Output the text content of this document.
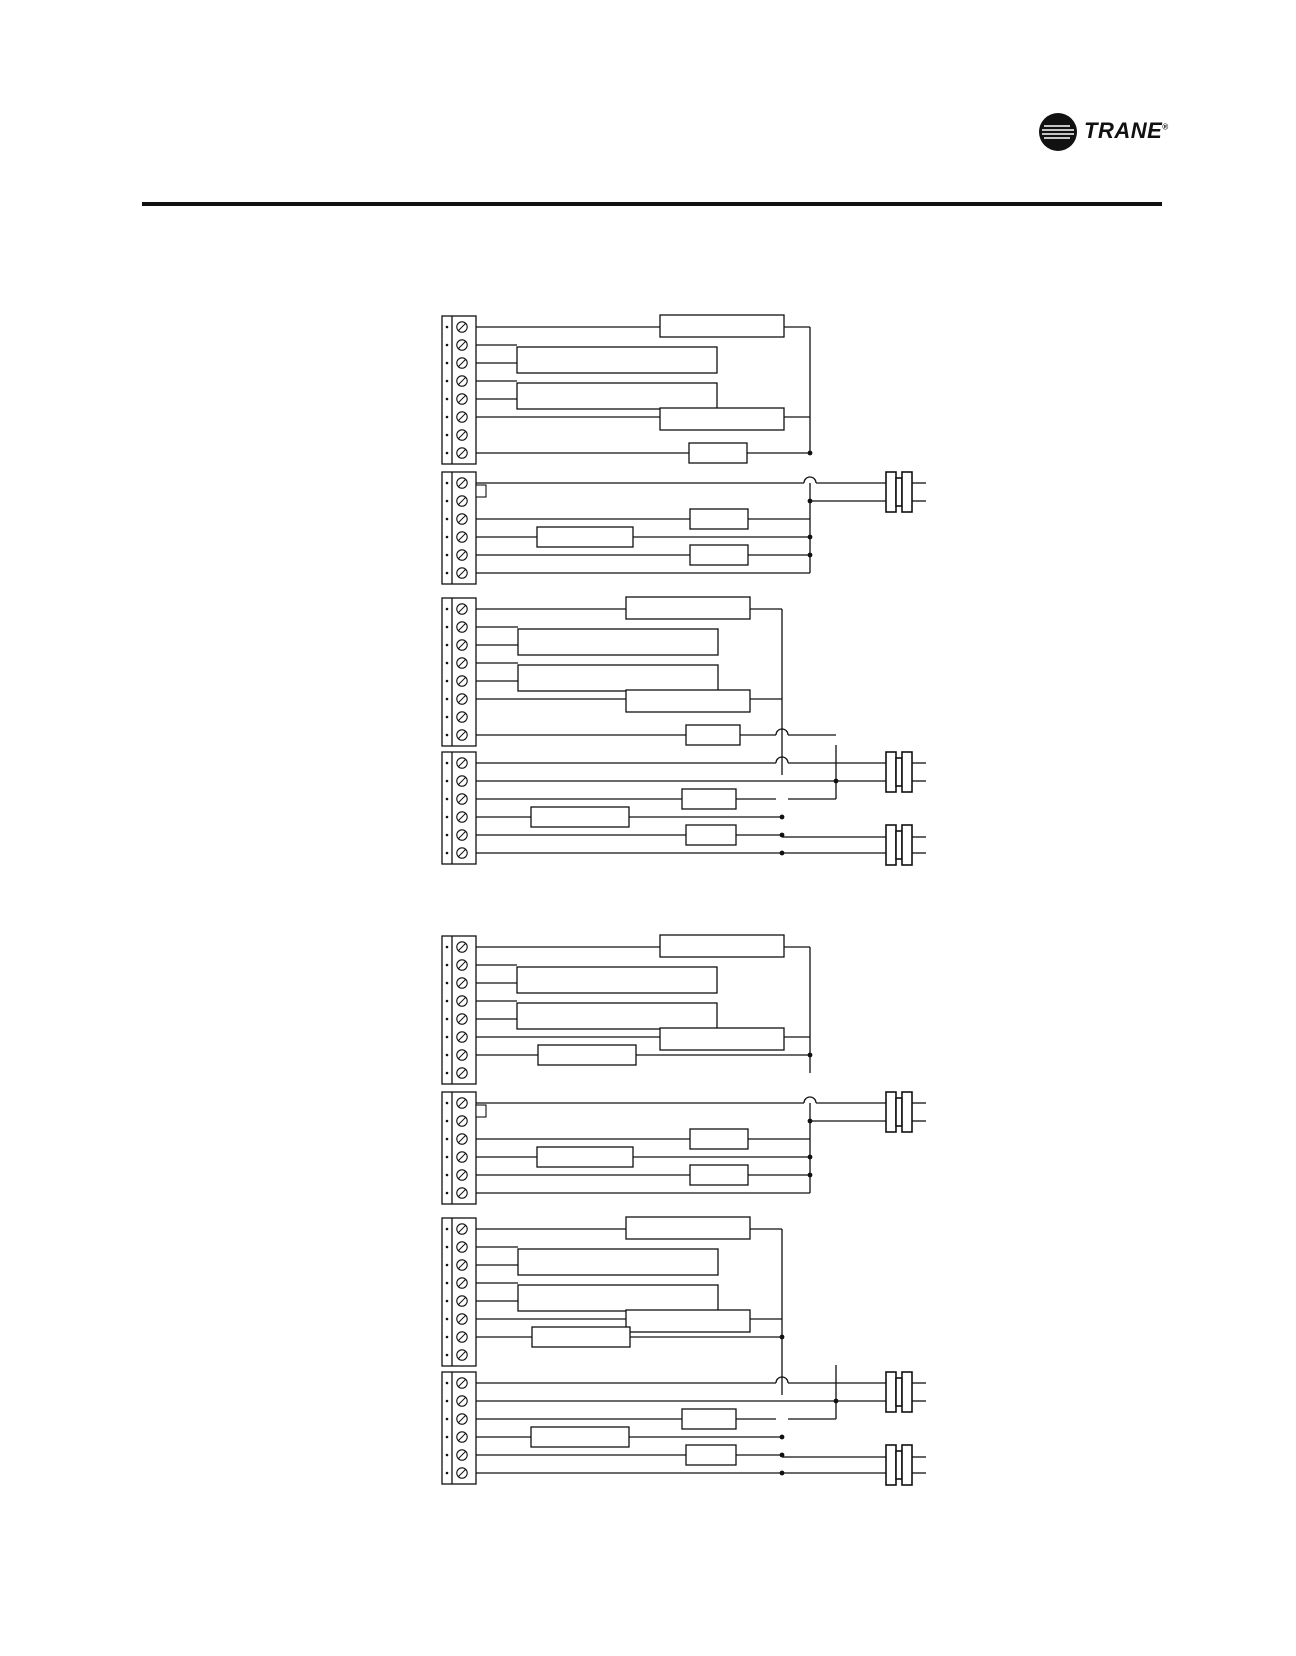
TRANE®
